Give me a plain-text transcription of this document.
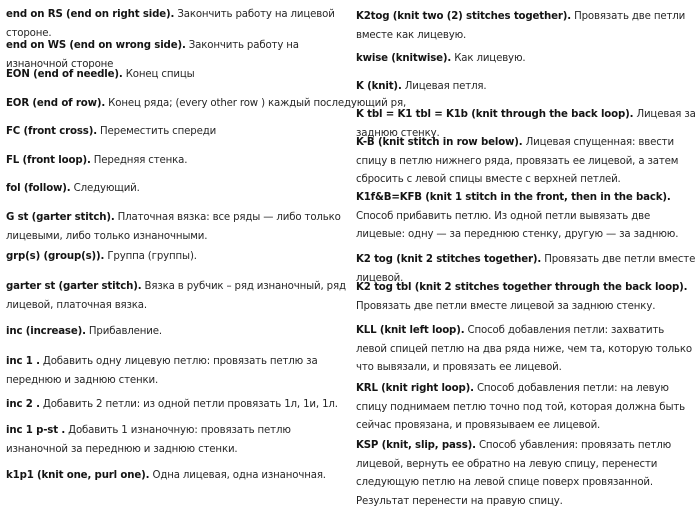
end on RS (end on right side). Закончить работу на лицевой стороне.
end on WS (end on wrong side). Закончить работу на изнаночной стороне
EON (end of needle). Конец спицы
EOR (end of row). Конец ряда; (every other row ) каждый последующий ря,
FC (front cross). Переместить спереди
FL (front loop). Передняя стенка.
fol (follow). Следующий.
G st (garter stitch). Платочная вязка: все ряды — либо только лицевыми, либо только изнаночными.
grp(s) (group(s)). Группа (группы).
garter st (garter stitch). Вязка в рубчик – ряд изнаночный, ряд лицевой, платочная вязка.
inc (increase). Прибавление.
inc 1 . Добавить одну лицевую петлю: провязать петлю за переднюю и заднюю стенки.
inc 2 . Добавить 2 петли: из одной петли провязать 1л, 1и, 1л.
inc 1 p-st . Добавить 1 изнаночную: провязать петлю изнаночной за переднюю и заднюю стенки.
k1p1 (knit one, purl one). Одна лицевая, одна изнаночная.
K2tog (knit two (2) stitches together). Провязать две петли вместе как лицевую.
kwise (knitwise). Как лицевую.
K (knit). Лицевая петля.
K tbl = K1 tbl = K1b (knit through the back loop). Лицевая за заднюю стенку.
K-B (knit stitch in row below). Лицевая спущенная: ввести спицу в петлю нижнего ряда, провязать ее лицевой, а затем сбросить с левой спицы вместе с верхней петлей.
K1f&B=KFB (knit 1 stitch in the front, then in the back). Способ прибавить петлю. Из одной петли вывязать две лицевые: одну — за переднюю стенку, другую — за заднюю.
K2 tog (knit 2 stitches together). Провязать две петли вместе лицевой.
K2 tog tbl (knit 2 stitches together through the back loop). Провязать две петли вместе лицевой за заднюю стенку.
KLL (knit left loop). Способ добавления петли: захватить левой спицей петлю на два ряда ниже, чем та, которую только что вывязали, и провязать ее лицевой.
KRL (knit right loop). Способ добавления петли: на левую спицу поднимаем петлю точно под той, которая должна быть сейчас провязана, и провязываем ее лицевой.
KSP (knit, slip, pass). Способ убавления: провязать петлю лицевой, вернуть ее обратно на левую спицу, перенести следующую петлю на левой спице поверх провязанной. Результат перенести на правую спицу.
